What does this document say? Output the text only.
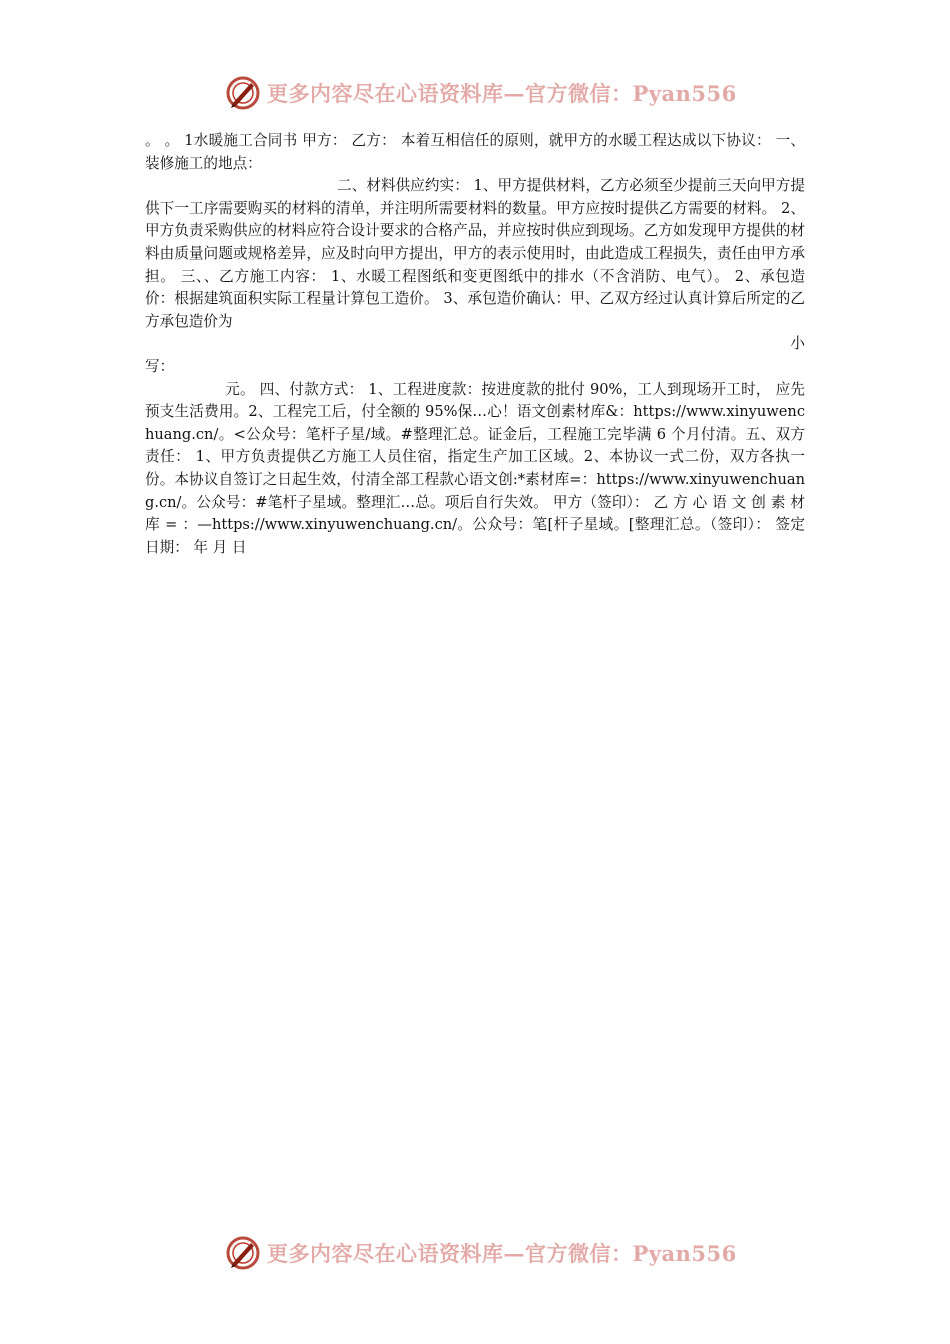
更多内容尽在心语资料库—官方微信：Pyan556

。 。 1水暖施工合同书 甲方： 乙方： 本着互相信任的原则，就甲方的水暖工程达成以下协议： 一、装修施工的地点：

二、材料供应约实： 1、甲方提供材料，乙方必须至少提前三天向甲方提供下一工序需要购买的材料的清单，并注明所需要材料的数量。甲方应按时提供乙方需要的材料。 2、甲方负责采购供应的材料应符合设计要求的合格产品，并应按时供应到现场。乙方如发现甲方提供的材料由质量问题或规格差异，应及时向甲方提出，甲方的表示使用时，由此造成工程损失，责任由甲方承担。 三、、乙方施工内容： 1、水暖工程图纸和变更图纸中的排水（不含消防、电气）。 2、承包造价：根据建筑面积实际工程量计算包工造价。 3、承包造价确认：甲、乙双方经过认真计算后所定的乙方承包造价为

小

写：

元。 四、付款方式： 1、工程进度款：按进度款的批付 90%，工人到现场开工时， 应先预支生活费用。2、工程完工后，付全额的 95%保…心！语文创素材库&：https://www.xinyuwenchuang.cn/。<公众号：笔杆子星/域。#整理汇总。证金后，工程施工完毕满 6 个月付清。五、双方责任： 1、甲方负责提供乙方施工人员住宿，指定生产加工区域。2、本协议一式二份，双方各执一份。本协议自签订之日起生效，付清全部工程款心语文创:*素材库=：https://www.xinyuwenchuang.cn/。公众号：#笔杆子星域。整理汇…总。项后自行失效。 甲方（签印）： 乙 方 心 语 文 创 素 材 库 = ：—https://www.xinyuwenchuang.cn/。公众号：笔[杆子星域。[整理汇总。（签印）： 签定日期： 年 月 日

更多内容尽在心语资料库—官方微信：Pyan556
